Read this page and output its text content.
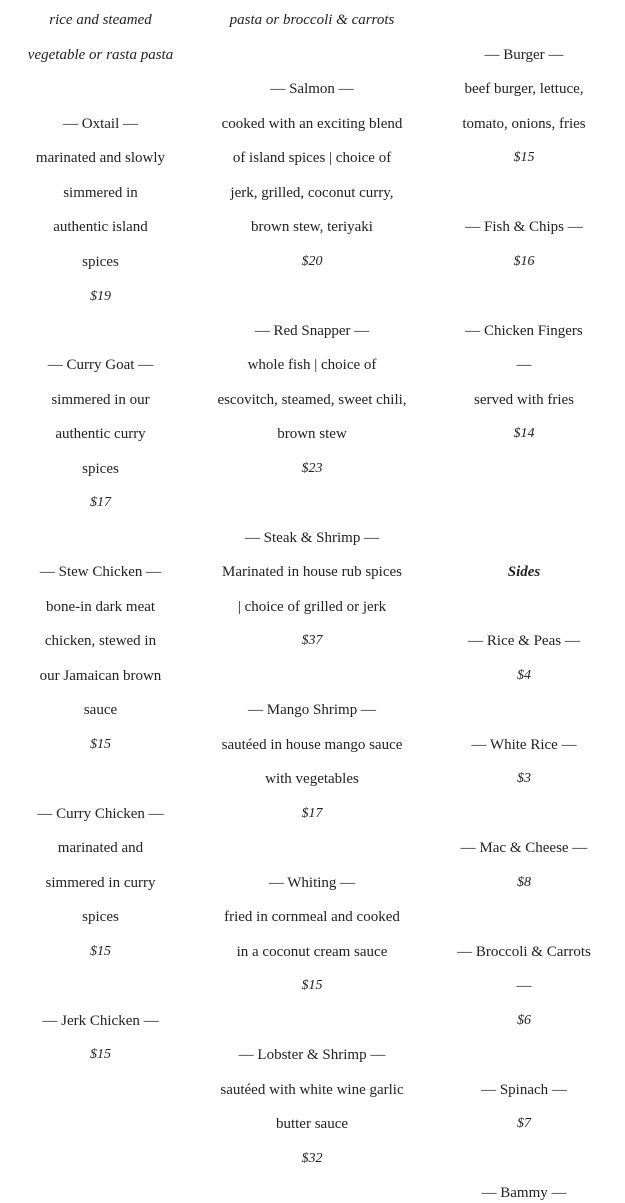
rice and steamed
vegetable or rasta pasta
— Oxtail —
marinated and slowly
simmered in
authentic island
spices
$19
— Curry Goat —
simmered in our
authentic curry
spices
$17
— Stew Chicken —
bone-in dark meat
chicken, stewed in
our Jamaican brown
sauce
$15
— Curry Chicken —
marinated and
simmered in curry
spices
$15
— Jerk Chicken —
$15
pasta or broccoli & carrots
— Salmon —
cooked with an exciting blend
of island spices | choice of
jerk, grilled, coconut curry,
brown stew, teriyaki
$20
— Red Snapper —
whole fish | choice of
escovitch, steamed, sweet chili,
brown stew
$23
— Steak & Shrimp —
Marinated in house rub spices
| choice of grilled or jerk
$37
— Mango Shrimp —
sautéed in house mango sauce
with vegetables
$17
— Whiting —
fried in cornmeal and cooked
in a coconut cream sauce
$15
— Lobster & Shrimp —
sautéed with white wine garlic
butter sauce
$32
— Burger —
beef burger, lettuce,
tomato, onions, fries
$15
— Fish & Chips —
$16
— Chicken Fingers
—
served with fries
$14
Sides
— Rice & Peas —
$4
— White Rice —
$3
— Mac & Cheese —
$8
— Broccoli & Carrots
—
$6
— Spinach —
$7
— Bammy —
